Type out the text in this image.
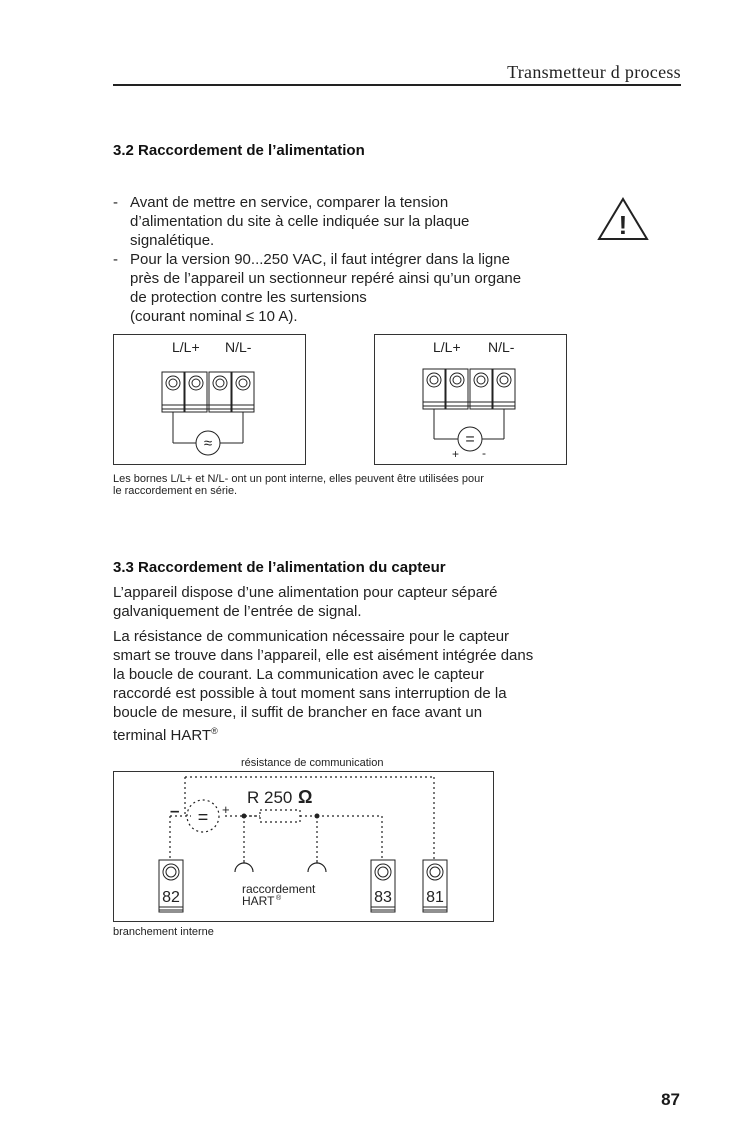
Transmetteur d process
3.2 Raccordement de l’alimentation
- Avant de mettre en service, comparer la tension
d’alimentation du site à celle indiquée sur la plaque
signalétique.
- Pour la version 90...250 VAC, il faut intégrer dans la ligne
près de l’appareil un sectionneur repéré ainsi qu’un organe
de protection contre les surtensions
(courant nominal ≤ 10 A).
!
L/L+ N/L-
≈
L/L+ N/L-
=
+ -
Les bornes L/L+ et N/L- ont un pont interne, elles peuvent être utilisées pour
le raccordement en série.
3.3 Raccordement de l’alimentation du capteur
L’appareil dispose d’une alimentation pour capteur séparé
galvaniquement de l’entrée de signal.
La résistance de communication nécessaire pour le capteur
smart se trouve dans l’appareil, elle est aisément intégrée dans
la boucle de courant. La communication avec le capteur
raccordé est possible à tout moment sans interruption de la
boucle de mesure, il suffit de brancher en face avant un
terminal HART®
résistance de communication
=
–	+
R 250 Ω
82	83 81
raccordement
HART ®
branchement interne
87
